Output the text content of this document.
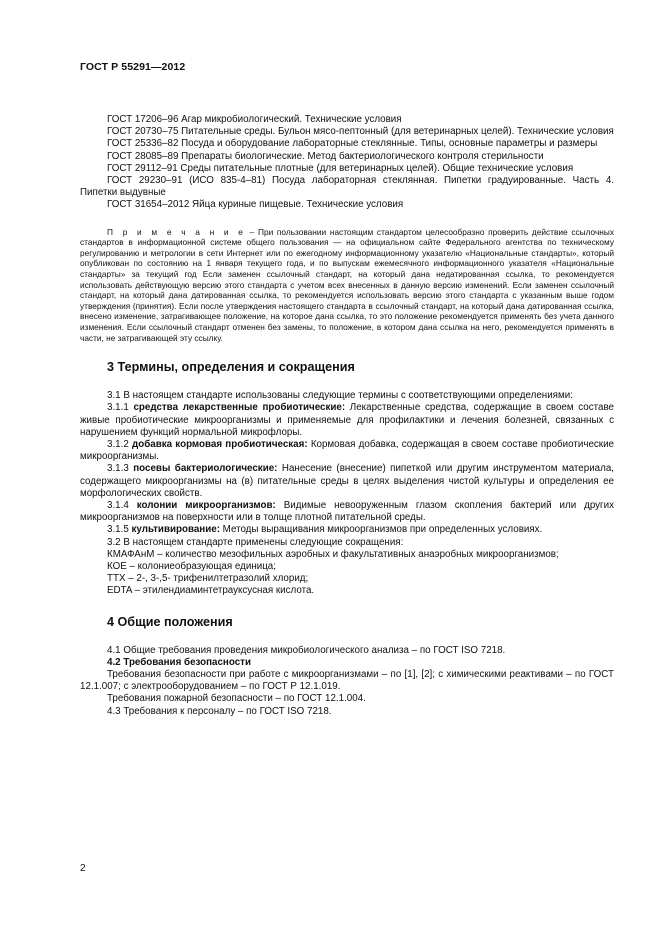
ГОСТ Р 55291—2012

ГОСТ 17206–96 Агар микробиологический. Технические условия

ГОСТ 20730–75 Питательные среды. Бульон мясо-пептонный (для ветеринарных целей). Технические условия

ГОСТ 25336–82 Посуда и оборудование лабораторные стеклянные. Типы, основные параметры и размеры

ГОСТ 28085–89 Препараты биологические. Метод бактериологического контроля стерильности

ГОСТ 29112–91 Среды питательные плотные (для ветеринарных целей). Общие технические условия

ГОСТ 29230–91 (ИСО 835-4–81) Посуда лабораторная стеклянная. Пипетки градуированные. Часть 4. Пипетки выдувные

ГОСТ 31654–2012 Яйца куриные пищевые. Технические условия

П р и м е ч а н и е – При пользовании настоящим стандартом целесообразно проверить действие ссылочных стандартов в информационной системе общего пользования — на официальном сайте Федерального агентства по техническому регулированию и метрологии в сети Интернет или по ежегодному информационному указателю «Национальные стандарты», который опубликован по состоянию на 1 января текущего года, и по выпускам ежемесячного информационного указателя «Национальные стандарты» за текущий год Если заменен ссылочный стандарт, на который дана недатированная ссылка, то рекомендуется использовать действующую версию этого стандарта с учетом всех внесенных в данную версию изменений. Если заменен ссылочный стандарт, на который дана датированная ссылка, то рекомендуется использовать версию этого стандарта с указанным выше годом утверждения (принятия). Если после утверждения настоящего стандарта в ссылочный стандарт, на который дана датированная ссылка, внесено изменение, затрагивающее положение, на которое дана ссылка, то это положение рекомендуется применять без учета данного изменения. Если ссылочный стандарт отменен без замены, то положение, в котором дана ссылка на него, рекомендуется применять в части, не затрагивающей эту ссылку.

3 Термины, определения и сокращения

3.1 В настоящем стандарте использованы следующие термины с соответствующими определениями:

3.1.1 средства лекарственные пробиотические: Лекарственные средства, содержащие в своем составе живые пробиотические микроорганизмы и применяемые для профилактики и лечения болезней, связанных с нарушением функций нормальной микрофлоры.

3.1.2 добавка кормовая пробиотическая: Кормовая добавка, содержащая в своем составе пробиотические микроорганизмы.

3.1.3 посевы бактериологические: Нанесение (внесение) пипеткой или другим инструментом материала, содержащего микроорганизмы на (в) питательные среды в целях выделения чистой культуры и определения ее морфологических свойств.

3.1.4 колонии микроорганизмов: Видимые невооруженным глазом скопления бактерий или других микроорганизмов на поверхности или в толще плотной питательной среды.

3.1.5 культивирование: Методы выращивания микроорганизмов при определенных условиях.

3.2 В настоящем стандарте применены следующие сокращения:

КМАФАнМ – количество мезофильных аэробных и факультативных анаэробных микроорганизмов;

КОЕ – колониеобразующая единица;

ТТХ – 2-, 3-,5- трифенилтетразолий хлорид;

EDTA – этилендиаминтетрауксусная кислота.

4 Общие положения

4.1 Общие требования проведения микробиологического анализа – по ГОСТ ISO 7218.

4.2 Требования безопасности

Требования безопасности при работе с микроорганизмами – по [1], [2]; с химическими реактивами – по ГОСТ 12.1.007; с электрооборудованием – по ГОСТ Р 12.1.019.

Требования пожарной безопасности – по ГОСТ 12.1.004.

4.3 Требования к персоналу – по ГОСТ ISO 7218.

2
